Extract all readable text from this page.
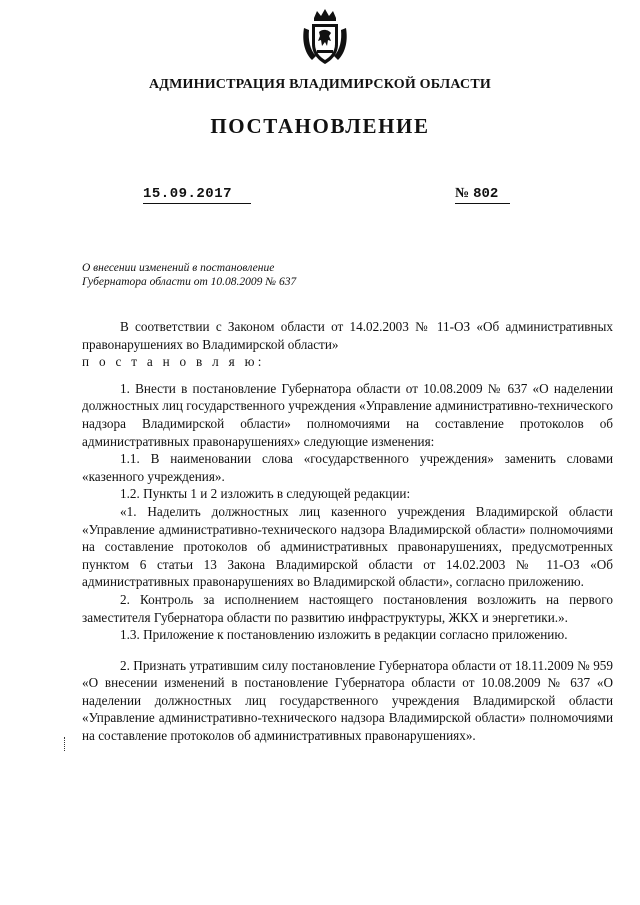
АДМИНИСТРАЦИЯ ВЛАДИМИРСКОЙ ОБЛАСТИ
ПОСТАНОВЛЕНИЕ
15.09.2017	№ 802
О внесении изменений в постановление
Губернатора области от 10.08.2009 № 637

В соответствии с Законом области от 14.02.2003 № 11-ОЗ «Об административных правонарушениях во Владимирской области»

п о с т а н о в л я ю:

1. Внести в постановление Губернатора области от 10.08.2009 № 637 «О наделении должностных лиц государственного учреждения «Управление административно-технического надзора Владимирской области» полномочиями на составление протоколов об административных правонарушениях» следующие изменения:

1.1. В наименовании слова «государственного учреждения» заменить словами «казенного учреждения».

1.2. Пункты 1 и 2 изложить в следующей редакции:

«1. Наделить должностных лиц казенного учреждения Владимирской области «Управление административно-технического надзора Владимирской области» полномочиями на составление протоколов об административных правонарушениях, предусмотренных пунктом 6 статьи 13 Закона Владимирской области от 14.02.2003 № 11-ОЗ «Об административных правонарушениях во Владимирской области», согласно приложению.

2. Контроль за исполнением настоящего постановления возложить на первого заместителя Губернатора области по развитию инфраструктуры, ЖКХ и энергетики.».

1.3. Приложение к постановлению изложить в редакции согласно приложению.

2. Признать утратившим силу постановление Губернатора области от 18.11.2009 № 959 «О внесении изменений в постановление Губернатора области от 10.08.2009 № 637 «О наделении должностных лиц государственного учреждения Владимирской области «Управление административно-технического надзора Владимирской области» полномочиями на составление протоколов об административных правонарушениях».
